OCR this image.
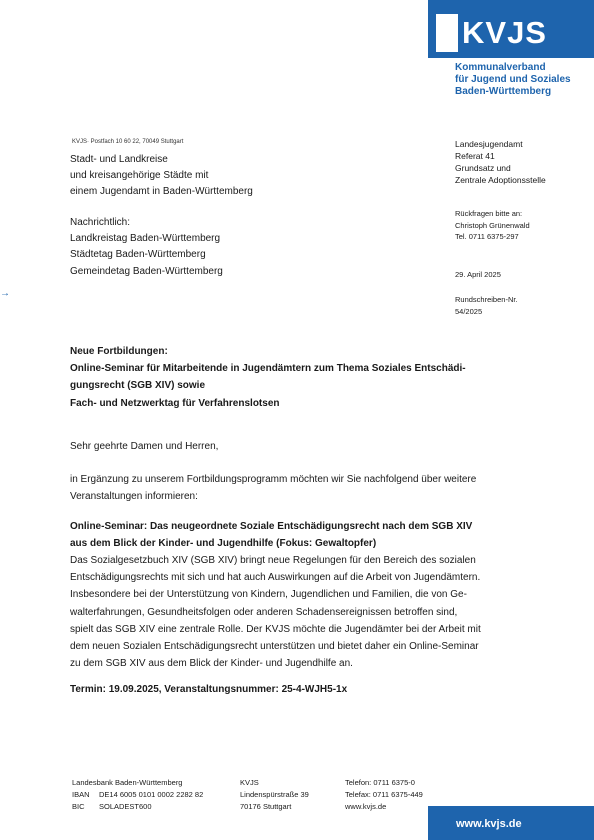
KVJS
Kommunalverband
für Jugend und Soziales
Baden-Württemberg
KVJS· Postfach 10 60 22, 70049 Stuttgart
Stadt- und Landkreise
und kreisangehörige Städte mit
einem Jugendamt in Baden-Württemberg
Nachrichtlich:
Landkreistag Baden-Württemberg
Städtetag Baden-Württemberg
Gemeindetag Baden-Württemberg
Landesjugendamt
Referat 41
Grundsatz und
Zentrale Adoptionsstelle
Rückfragen bitte an:
Christoph Grünenwald
Tel. 0711 6375-297
29. April 2025
Rundschreiben-Nr.
54/2025
→
Neue Fortbildungen:
Online-Seminar für Mitarbeitende in Jugendämtern zum Thema Soziales Entschädi-
gungsrecht (SGB XIV) sowie
Fach- und Netzwerktag für Verfahrenslotsen
Sehr geehrte Damen und Herren,
in Ergänzung zu unserem Fortbildungsprogramm möchten wir Sie nachfolgend über weitere
Veranstaltungen informieren:
Online-Seminar: Das neugeordnete Soziale Entschädigungsrecht nach dem SGB XIV
aus dem Blick der Kinder- und Jugendhilfe (Fokus: Gewaltopfer)
Das Sozialgesetzbuch XIV (SGB XIV) bringt neue Regelungen für den Bereich des sozialen
Entschädigungsrechts mit sich und hat auch Auswirkungen auf die Arbeit von Jugendämtern.
Insbesondere bei der Unterstützung von Kindern, Jugendlichen und Familien, die von Ge-
walterfahrungen, Gesundheitsfolgen oder anderen Schadensereignissen betroffen sind,
spielt das SGB XIV eine zentrale Rolle. Der KVJS möchte die Jugendämter bei der Arbeit mit
dem neuen Sozialen Entschädigungsrecht unterstützen und bietet daher ein Online-Seminar
zu dem SGB XIV aus dem Blick der Kinder- und Jugendhilfe an.
Termin: 19.09.2025, Veranstaltungsnummer: 25-4-WJH5-1x
Landesbank Baden-Württemberg
IBAN DE14 6005 0101 0002 2282 82
BIC SOLADEST600
KVJS
Lindenspürstraße 39
70176 Stuttgart
Telefon: 0711 6375-0
Telefax: 0711 6375-449
www.kvjs.de
www.kvjs.de
